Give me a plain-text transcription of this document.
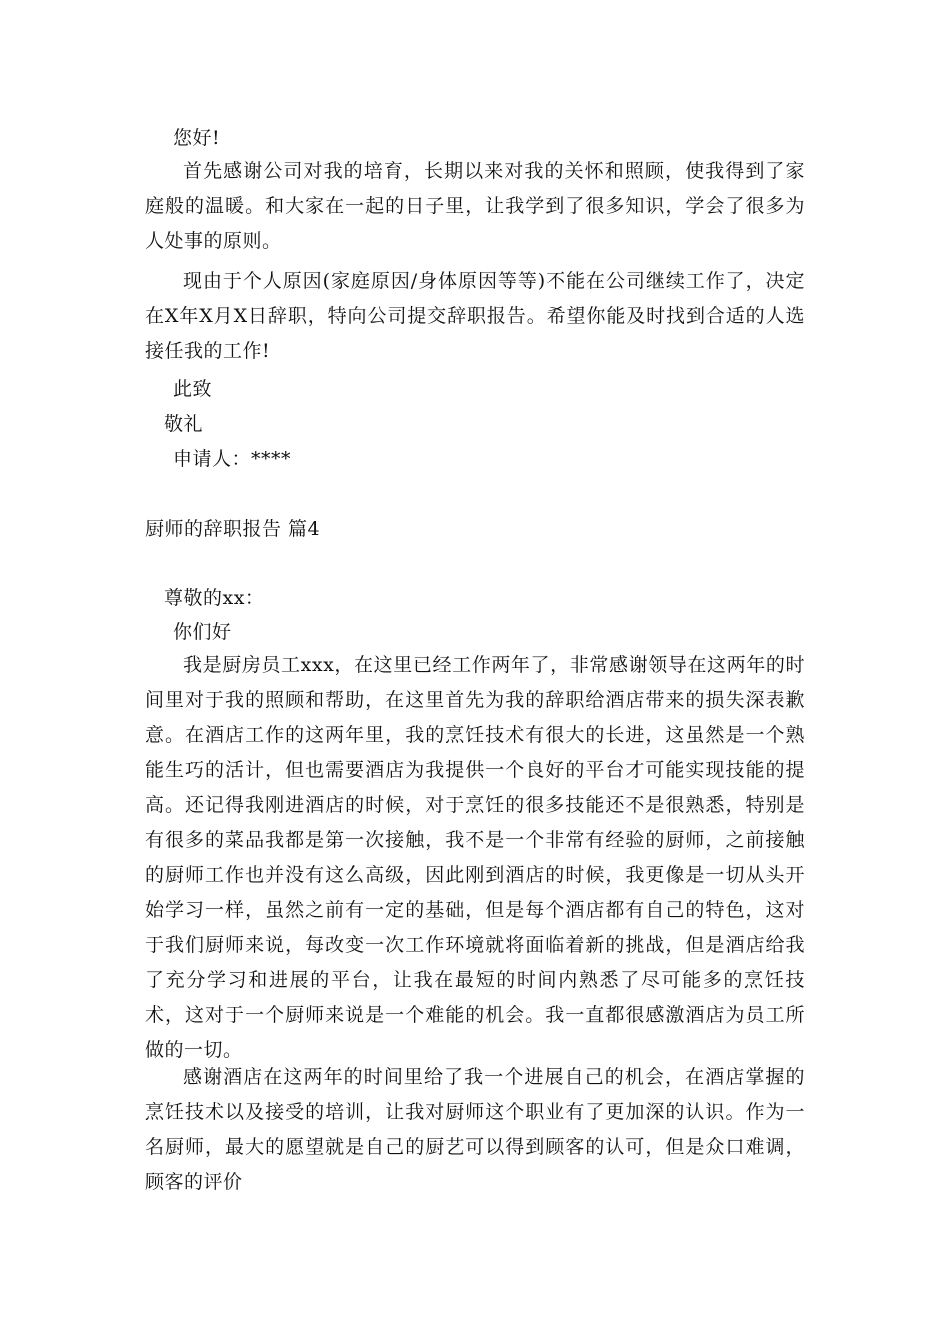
您好!

首先感谢公司对我的培育，长期以来对我的关怀和照顾，使我得到了家庭般的温暖。和大家在一起的日子里，让我学到了很多知识，学会了很多为人处事的原则。

现由于个人原因(家庭原因/身体原因等等)不能在公司继续工作了，决定在X年X月X日辞职，特向公司提交辞职报告。希望你能及时找到合适的人选接任我的工作!

此致
敬礼
申请人：****
厨师的辞职报告 篇4
尊敬的xx：
你们好

我是厨房员工xxx，在这里已经工作两年了，非常感谢领导在这两年的时间里对于我的照顾和帮助，在这里首先为我的辞职给酒店带来的损失深表歉意。在酒店工作的这两年里，我的烹饪技术有很大的长进，这虽然是一个熟能生巧的活计，但也需要酒店为我提供一个良好的平台才可能实现技能的提高。还记得我刚进酒店的时候，对于烹饪的很多技能还不是很熟悉，特别是有很多的菜品我都是第一次接触，我不是一个非常有经验的厨师，之前接触的厨师工作也并没有这么高级，因此刚到酒店的时候，我更像是一切从头开始学习一样，虽然之前有一定的基础，但是每个酒店都有自己的特色，这对于我们厨师来说，每改变一次工作环境就将面临着新的挑战，但是酒店给我了充分学习和进展的平台，让我在最短的时间内熟悉了尽可能多的烹饪技术，这对于一个厨师来说是一个难能的机会。我一直都很感激酒店为员工所做的一切。

感谢酒店在这两年的时间里给了我一个进展自己的机会，在酒店掌握的烹饪技术以及接受的培训，让我对厨师这个职业有了更加深的认识。作为一名厨师，最大的愿望就是自己的厨艺可以得到顾客的认可，但是众口难调，顾客的评价
